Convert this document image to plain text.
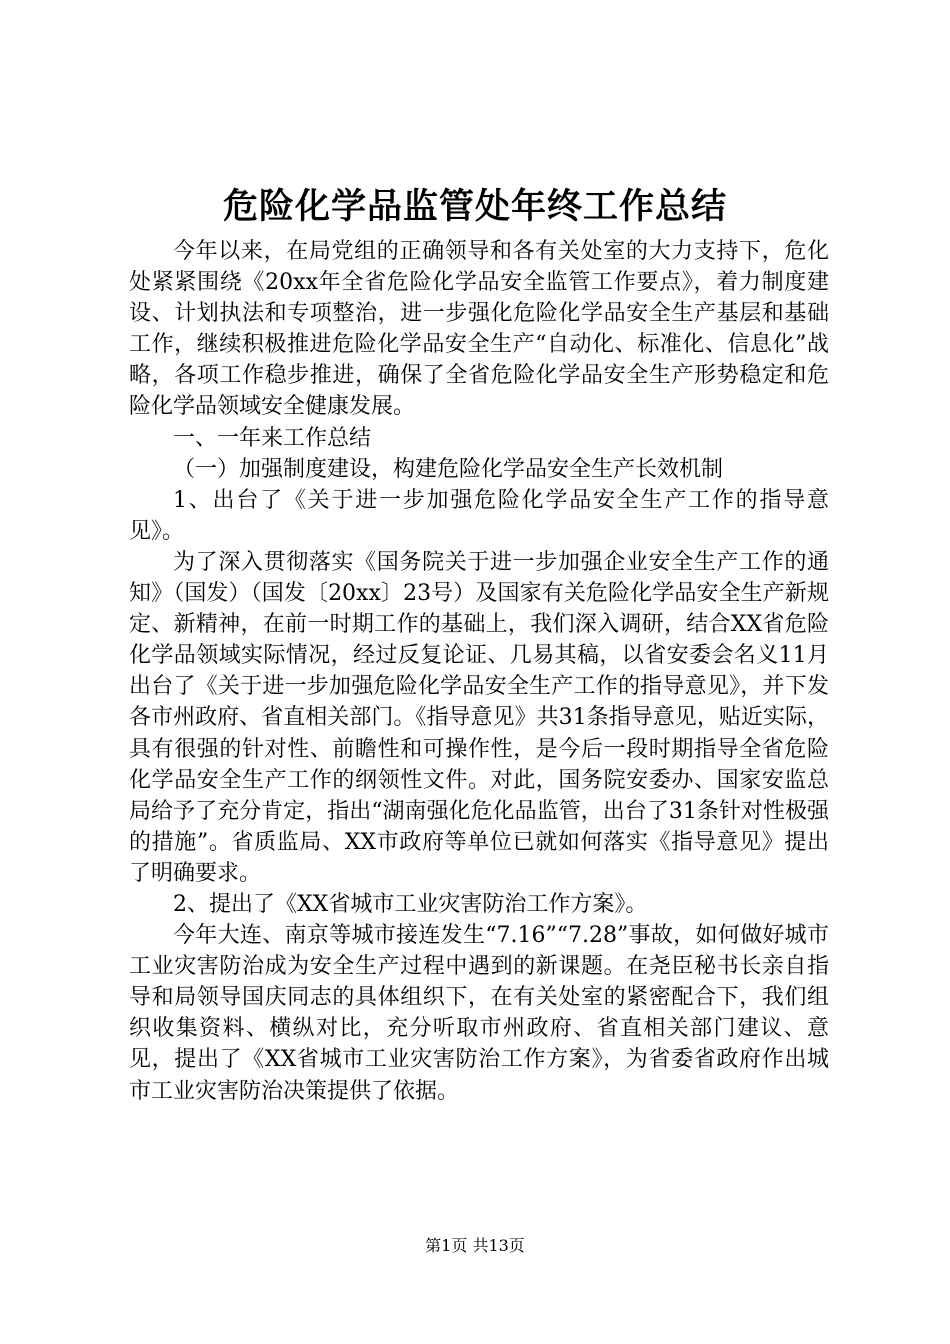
危险化学品监管处年终工作总结

今年以来，在局党组的正确领导和各有关处室的大力支持下，危化处紧紧围绕《20xx年全省危险化学品安全监管工作要点》，着力制度建设、计划执法和专项整治，进一步强化危险化学品安全生产基层和基础工作，继续积极推进危险化学品安全生产“自动化、标准化、信息化”战略，各项工作稳步推进，确保了全省危险化学品安全生产形势稳定和危险化学品领域安全健康发展。

一、一年来工作总结

（一）加强制度建设，构建危险化学品安全生产长效机制

1、出台了《关于进一步加强危险化学品安全生产工作的指导意见》。

为了深入贯彻落实《国务院关于进一步加强企业安全生产工作的通知》（国发）（国发〔20xx〕23号）及国家有关危险化学品安全生产新规定、新精神，在前一时期工作的基础上，我们深入调研，结合XX省危险化学品领域实际情况，经过反复论证、几易其稿，以省安委会名义11月出台了《关于进一步加强危险化学品安全生产工作的指导意见》，并下发各市州政府、省直相关部门。《指导意见》共31条指导意见，贴近实际，具有很强的针对性、前瞻性和可操作性，是今后一段时期指导全省危险化学品安全生产工作的纲领性文件。对此，国务院安委办、国家安监总局给予了充分肯定，指出“湖南强化危化品监管，出台了31条针对性极强的措施”。省质监局、XX市政府等单位已就如何落实《指导意见》提出了明确要求。

2、提出了《XX省城市工业灾害防治工作方案》。

今年大连、南京等城市接连发生“7.16”“7.28”事故，如何做好城市工业灾害防治成为安全生产过程中遇到的新课题。在尧臣秘书长亲自指导和局领导国庆同志的具体组织下，在有关处室的紧密配合下，我们组织收集资料、横纵对比，充分听取市州政府、省直相关部门建议、意见，提出了《XX省城市工业灾害防治工作方案》，为省委省政府作出城市工业灾害防治决策提供了依据。

第1页 共13页
